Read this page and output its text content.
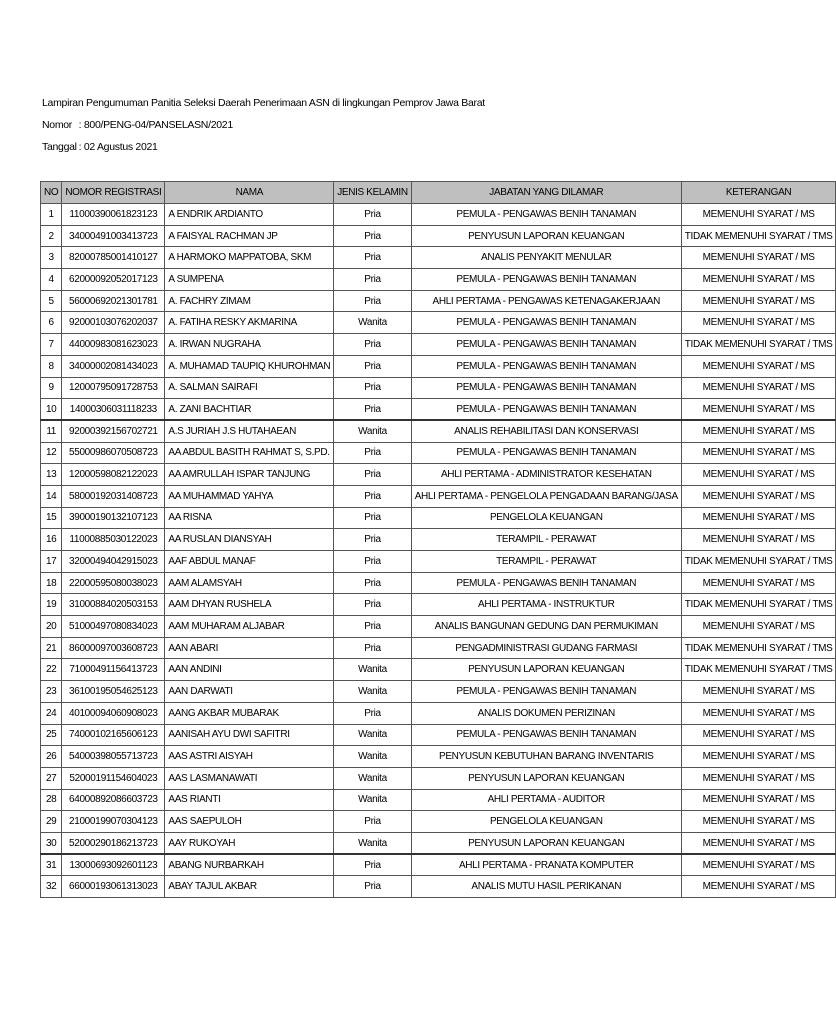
Lampiran Pengumuman Panitia Seleksi Daerah Penerimaan ASN di lingkungan Pemprov Jawa Barat
Nomor : 800/PENG-04/PANSELASN/2021
Tanggal : 02 Agustus 2021
NO	NOMOR REGISTRASI	NAMA	JENIS KELAMIN	JABATAN YANG DILAMAR	KETERANGAN
1	11000390061823123	A ENDRIK ARDIANTO	Pria	PEMULA - PENGAWAS BENIH TANAMAN	MEMENUHI SYARAT / MS
2	34000491003413723	A FAISYAL RACHMAN JP	Pria	PENYUSUN LAPORAN KEUANGAN	TIDAK MEMENUHI SYARAT / TMS
3	82000785001410127	A HARMOKO MAPPATOBA, SKM	Pria	ANALIS PENYAKIT MENULAR	MEMENUHI SYARAT / MS
4	62000092052017123	A SUMPENA	Pria	PEMULA - PENGAWAS BENIH TANAMAN	MEMENUHI SYARAT / MS
5	56000692021301781	A. FACHRY ZIMAM	Pria	AHLI PERTAMA - PENGAWAS KETENAGAKERJAAN	MEMENUHI SYARAT / MS
6	92000103076202037	A. FATIHA RESKY AKMARINA	Wanita	PEMULA - PENGAWAS BENIH TANAMAN	MEMENUHI SYARAT / MS
7	44000983081623023	A. IRWAN NUGRAHA	Pria	PEMULA - PENGAWAS BENIH TANAMAN	TIDAK MEMENUHI SYARAT / TMS
8	34000002081434023	A. MUHAMAD TAUPIQ KHUROHMAN	Pria	PEMULA - PENGAWAS BENIH TANAMAN	MEMENUHI SYARAT / MS
9	12000795091728753	A. SALMAN SAIRAFI	Pria	PEMULA - PENGAWAS BENIH TANAMAN	MEMENUHI SYARAT / MS
10	14000306031118233	A. ZANI BACHTIAR	Pria	PEMULA - PENGAWAS BENIH TANAMAN	MEMENUHI SYARAT / MS
11	92000392156702721	A.S JURIAH J.S HUTAHAEAN	Wanita	ANALIS REHABILITASI DAN KONSERVASI	MEMENUHI SYARAT / MS
12	55000986070508723	AA ABDUL BASITH RAHMAT S, S.PD.	Pria	PEMULA - PENGAWAS BENIH TANAMAN	MEMENUHI SYARAT / MS
13	12000598082122023	AA AMRULLAH ISPAR TANJUNG	Pria	AHLI PERTAMA - ADMINISTRATOR KESEHATAN	MEMENUHI SYARAT / MS
14	58000192031408723	AA MUHAMMAD YAHYA	Pria	AHLI PERTAMA - PENGELOLA PENGADAAN BARANG/JASA	MEMENUHI SYARAT / MS
15	39000190132107123	AA RISNA	Pria	PENGELOLA KEUANGAN	MEMENUHI SYARAT / MS
16	11000885030122023	AA RUSLAN DIANSYAH	Pria	TERAMPIL - PERAWAT	MEMENUHI SYARAT / MS
17	32000494042915023	AAF ABDUL MANAF	Pria	TERAMPIL - PERAWAT	TIDAK MEMENUHI SYARAT / TMS
18	22000595080038023	AAM ALAMSYAH	Pria	PEMULA - PENGAWAS BENIH TANAMAN	MEMENUHI SYARAT / MS
19	31000884020503153	AAM DHYAN RUSHELA	Pria	AHLI PERTAMA - INSTRUKTUR	TIDAK MEMENUHI SYARAT / TMS
20	51000497080834023	AAM MUHARAM ALJABAR	Pria	ANALIS BANGUNAN GEDUNG DAN PERMUKIMAN	MEMENUHI SYARAT / MS
21	86000097003608723	AAN ABARI	Pria	PENGADMINISTRASI GUDANG FARMASI	TIDAK MEMENUHI SYARAT / TMS
22	71000491156413723	AAN ANDINI	Wanita	PENYUSUN LAPORAN KEUANGAN	TIDAK MEMENUHI SYARAT / TMS
23	36100195054625123	AAN DARWATI	Wanita	PEMULA - PENGAWAS BENIH TANAMAN	MEMENUHI SYARAT / MS
24	40100094060908023	AANG AKBAR MUBARAK	Pria	ANALIS DOKUMEN PERIZINAN	MEMENUHI SYARAT / MS
25	74000102165606123	AANISAH AYU DWI SAFITRI	Wanita	PEMULA - PENGAWAS BENIH TANAMAN	MEMENUHI SYARAT / MS
26	54000398055713723	AAS ASTRI AISYAH	Wanita	PENYUSUN KEBUTUHAN BARANG INVENTARIS	MEMENUHI SYARAT / MS
27	52000191154604023	AAS LASMANAWATI	Wanita	PENYUSUN LAPORAN KEUANGAN	MEMENUHI SYARAT / MS
28	64000892086603723	AAS RIANTI	Wanita	AHLI PERTAMA - AUDITOR	MEMENUHI SYARAT / MS
29	21000199070304123	AAS SAEPULOH	Pria	PENGELOLA KEUANGAN	MEMENUHI SYARAT / MS
30	52000290186213723	AAY RUKOYAH	Wanita	PENYUSUN LAPORAN KEUANGAN	MEMENUHI SYARAT / MS
31	13000693092601123	ABANG NURBARKAH	Pria	AHLI PERTAMA - PRANATA KOMPUTER	MEMENUHI SYARAT / MS
32	66000193061313023	ABAY TAJUL AKBAR	Pria	ANALIS MUTU HASIL PERIKANAN	MEMENUHI SYARAT / MS
